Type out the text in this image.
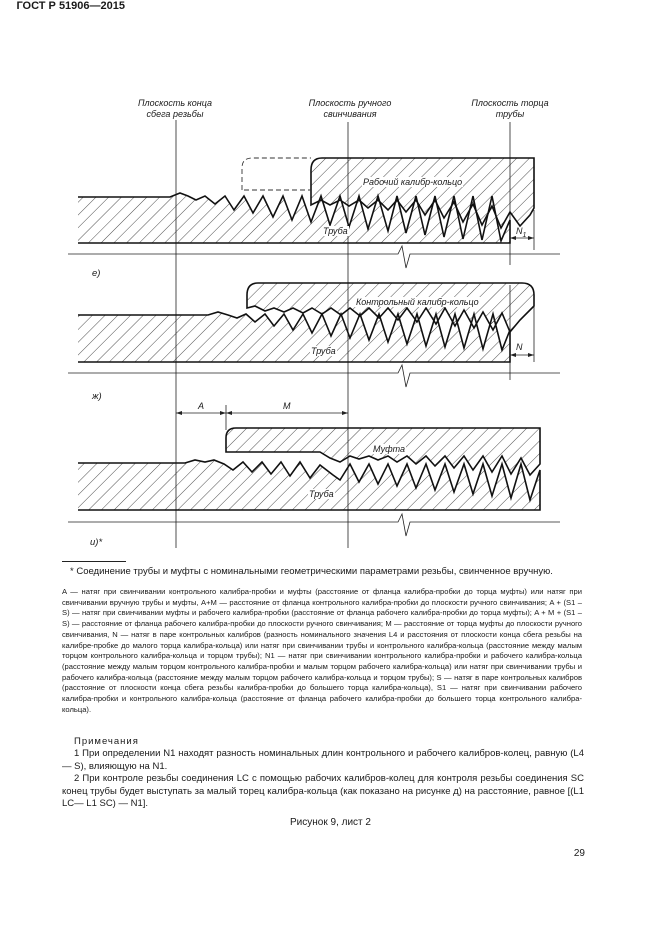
ГОСТ Р 51906—2015
Плоскость конца сбега резьбы
Плоскость ручного свинчивания
Плоскость торца трубы
Рабочий калибр-кольцо
Труба	$N_1$
е)
Контрольный калибр-кольцо
Труба	N
ж)
A	M
Муфта
Труба
и)*
* Соединение трубы и муфты с номинальными геометрическими параметрами резьбы, свинченное вручную.
A — натяг при свинчивании контрольного калибра-пробки и муфты (расстояние от фланца калибра-пробки до торца муфты) или натяг при свинчивании вручную трубы и муфты, A+M — расстояние от фланца контрольного калибра-пробки до плоскости ручного свинчивания; A + (S1 – S) — натяг при свинчивании муфты и рабочего калибра-пробки (расстояние от фланца рабочего калибра-пробки до торца муфты); A + M + (S1 – S) — расстояние от фланца рабочего калибра-пробки до плоскости ручного свинчивания; M — расстояние от торца муфты до плоскости ручного свинчивания, N — натяг в паре контрольных калибров (разность номинального значения L4 и расстояния от плоскости конца сбега резьбы на калибре-пробке до малого торца калибра-кольца) или натяг при свинчивании трубы и контрольного калибра-кольца (расстояние между малым торцом контрольного калибра-кольца и торцом трубы); N1 — натяг при свинчивании контрольного калибра-пробки и рабочего калибра-кольца (расстояние между малым торцом контрольного калибра-пробки и малым торцом рабочего калибра-кольца) или натяг при свинчивании трубы и рабочего калибра-кольца (расстояние между малым торцом рабочего калибра-кольца и торцом трубы); S — натяг в паре контрольных калибров (расстояние от плоскости конца сбега резьбы калибра-пробки до большего торца калибра-кольца), S1 — натяг при свинчивании рабочего калибра-пробки и контрольного калибра-кольца (расстояние от фланца рабочего калибра-пробки до большего торца контрольного калибра-кольца).
Примечания
1 При определении N1 находят разность номинальных длин контрольного и рабочего калибров-колец, равную (L4 — S), влияющую на N1.
2 При контроле резьбы соединения LC с помощью рабочих калибров-колец для контроля резьбы соединения SC конец трубы будет выступать за малый торец калибра-кольца (как показано на рисунке д) на расстояние, равное [(L1 LC— L1 SC) — N1].
Рисунок 9, лист 2
29
